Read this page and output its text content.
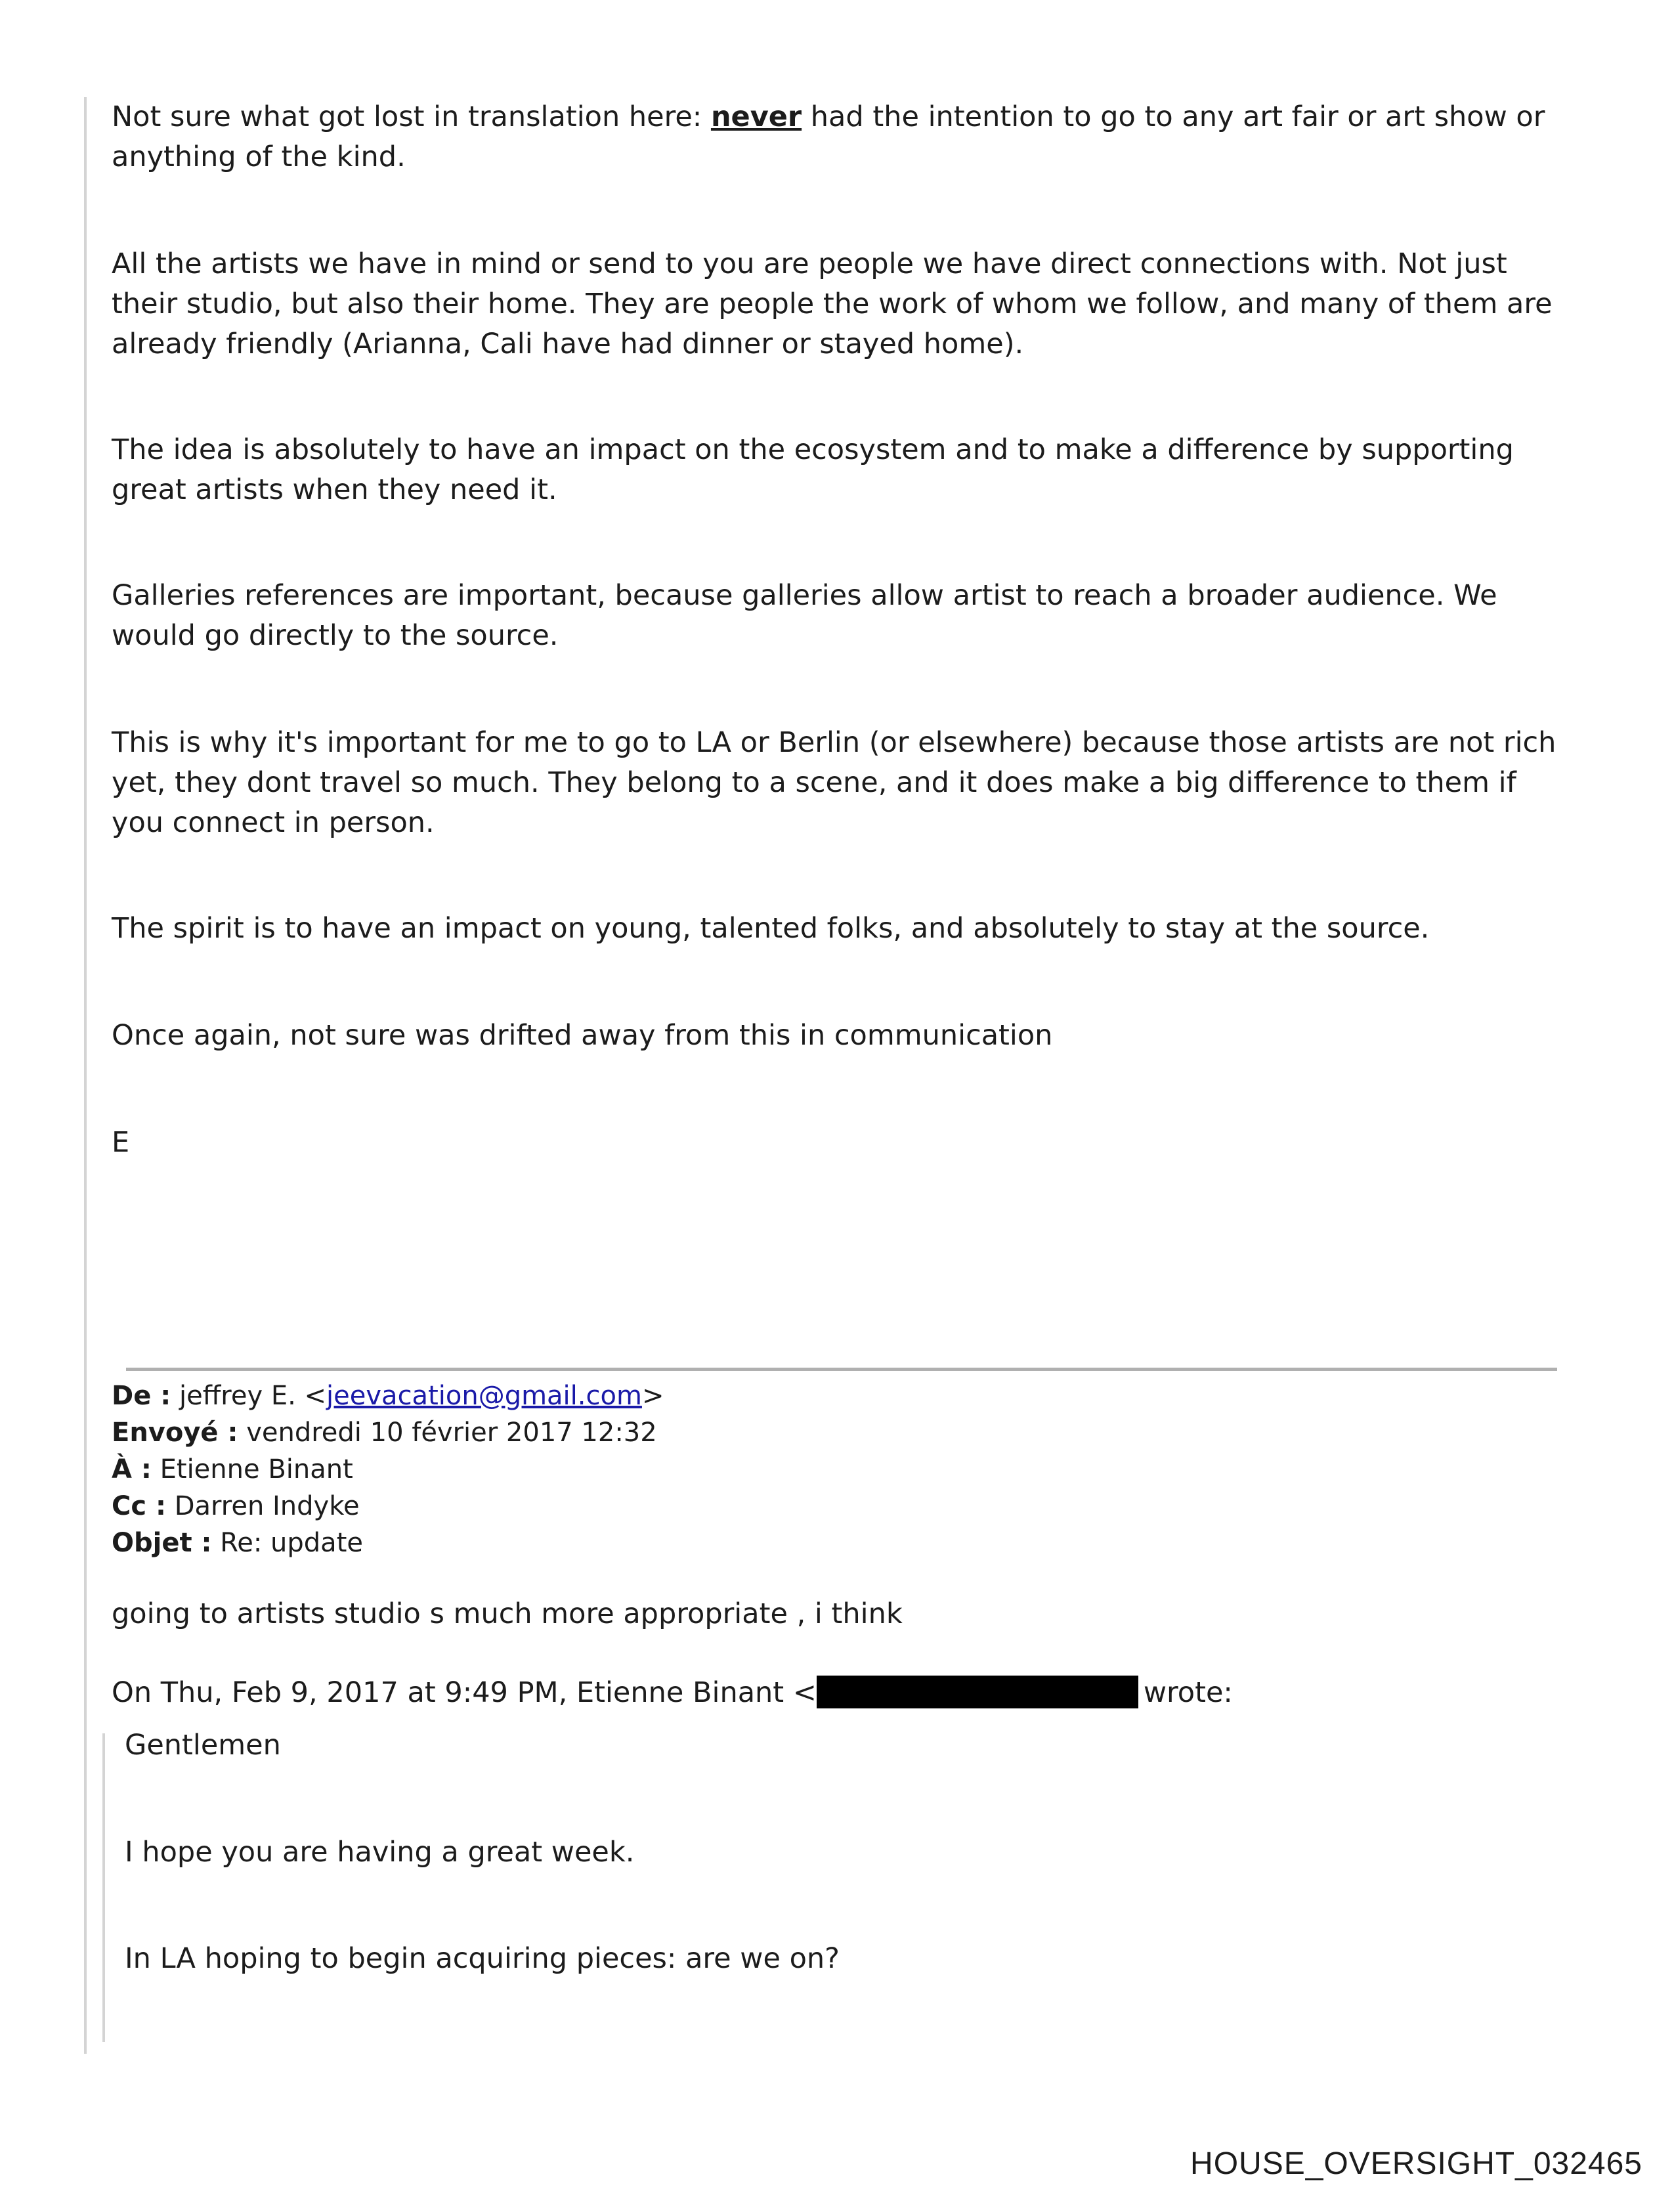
Not sure what got lost in translation here: never had the intention to go to any art fair or art show or anything of the kind.

All the artists we have in mind or send to you are people we have direct connections with. Not just their studio, but also their home. They are people the work of whom we follow, and many of them are already friendly (Arianna, Cali have had dinner or stayed home).

The idea is absolutely to have an impact on the ecosystem and to make a difference by supporting great artists when they need it.

Galleries references are important, because galleries allow artist to reach a broader audience. We would go directly to the source.

This is why it's important for me to go to LA or Berlin (or elsewhere) because those artists are not rich yet, they dont travel so much. They belong to a scene, and it does make a big difference to them if you connect in person.

The spirit is to have an impact on young, talented folks, and absolutely to stay at the source.

Once again, not sure was drifted away from this in communication

E

De : jeffrey E. <jeevacation@gmail.com>
Envoyé : vendredi 10 février 2017 12:32
À : Etienne Binant
Cc : Darren Indyke
Objet : Re: update

going to artists studio s much more appropriate , i think

On Thu, Feb 9, 2017 at 9:49 PM, Etienne Binant <	wrote:

Gentlemen

I hope you are having a great week.

In LA hoping to begin acquiring pieces: are we on?

HOUSE_OVERSIGHT_032465
